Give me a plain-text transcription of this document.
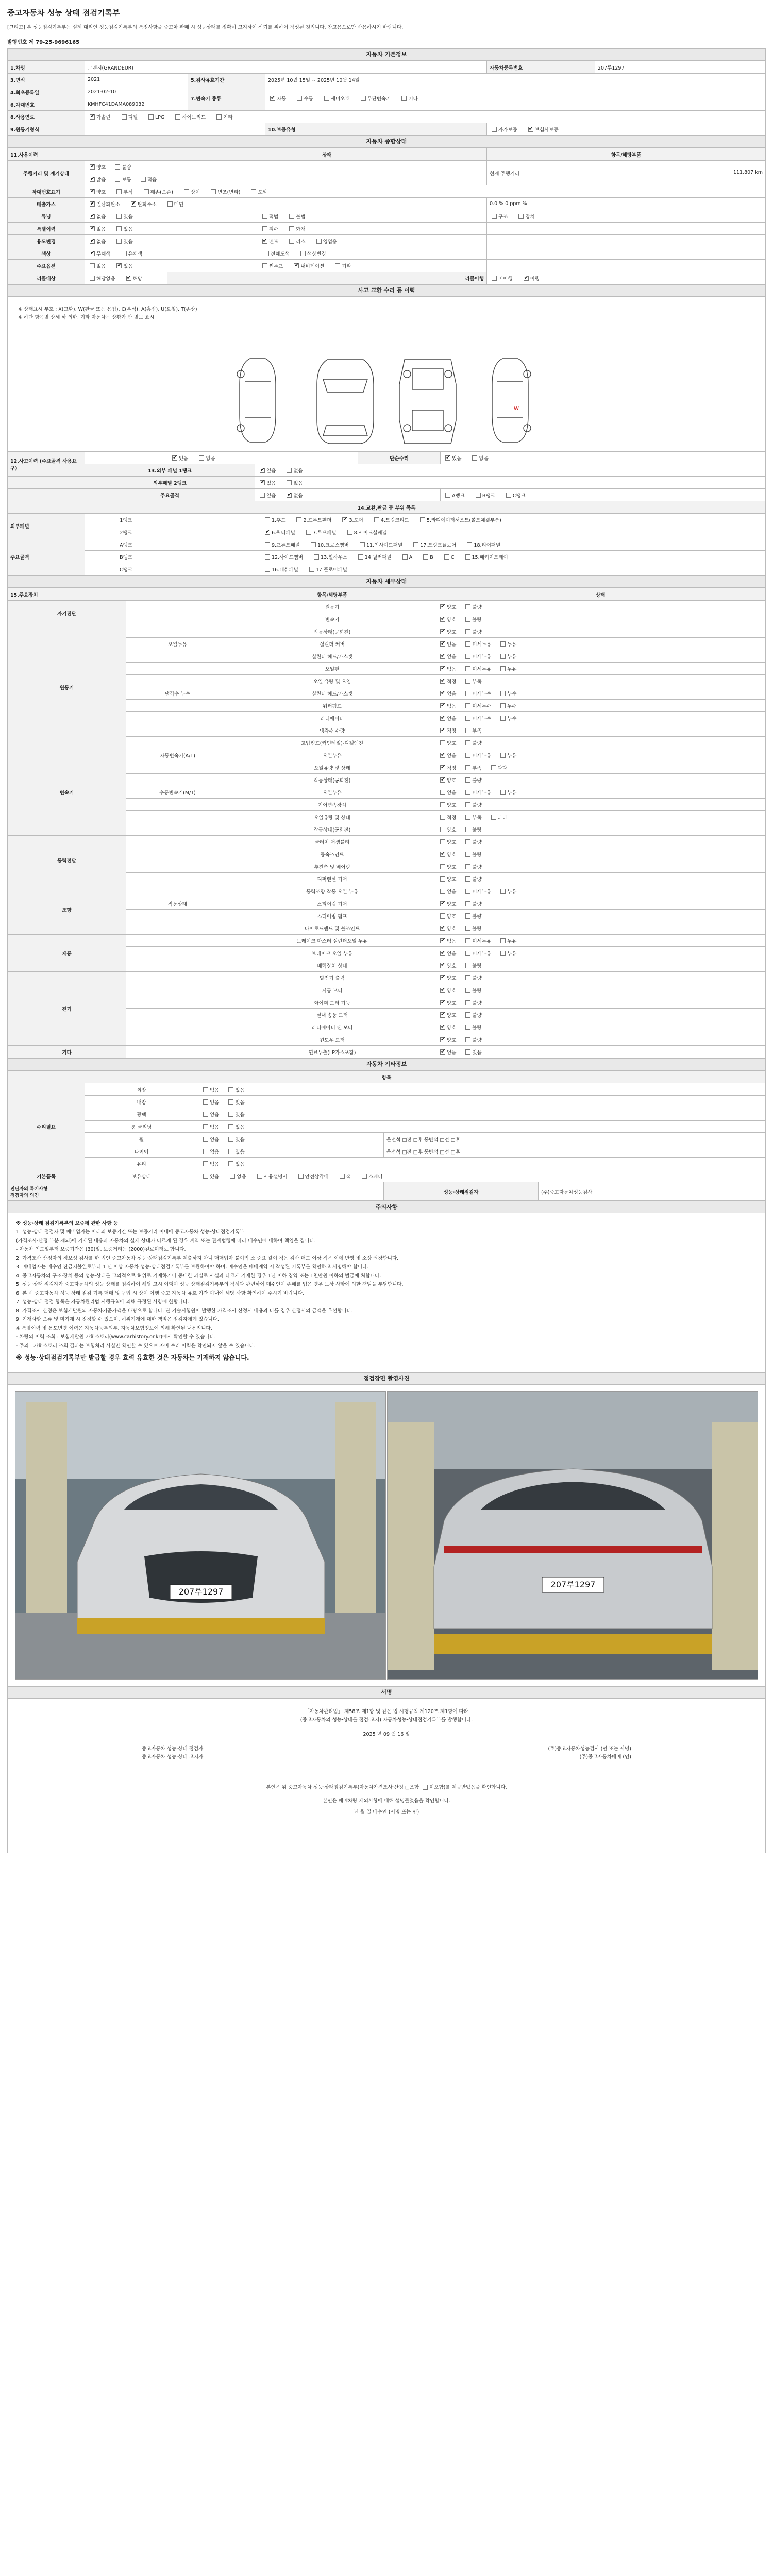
중고자동차 성능 상태 점검기록부
[그리고] 본 성능점검기록부는 실제 대리인 성능점검기록부의 특정사항을 중고차 판매 시 성능상태를 정확히 고지하여 신뢰를 위하여 작성된 것입니다. 참고용으로만 사용하시기 바랍니다.
발행번호 제 79-25-9696165
자동차 기본정보
1.차명	그랜저(GRANDEUR)			자동차등록번호	207루1297
3.연식	2021	5.검사유효기간	2025년 10월 15일 ~ 2025년 10월 14일		
4.최초등록일	2021-02-10	7.변속기 종류	✔자동 수동 세미오토 무단변속기 기타
6.차대번호	KMHFC41DAMA089032				
8.사용연료	✔가솔린 디젤 LPG 하이브리드 기타
9.원동기형식			10.보증유형	자가보증 ✔ 보험사보증
자동차 종합상태
11.사용이력		상태	항목/해당부품
주행거리 및 계기상태	✔양호 불량		현재 주행거리 111,807 km

✔많음 보통 적음
차대번호표기	✔양호 부식 훼손(오손) 상이 변조(변타) 도말
배출가스	✔일산화탄소 ✔ 탄화수소 매연		0.0 % 0 ppm %
튜닝	✔없음 있음 적법 불법		구조 장치
특별이력	✔없음 있음 침수 화재	
용도변경	✔없음 있음 ✔ 렌트 리스 영업용	
색상	✔무채색 유채색 전체도색 색상변경	
주요옵션	없음 ✔ 있음 썬루프 ✔ 내비게이션 기타	
리콜대상	해당없음 ✔ 해당	리콜이행	미이행 ✔ 이행
사고 교환 수리 등 이력
※ 상태표시 부호 : X(교환), W(판금 또는 용접), C(부식), A(흠집), U(요철), T(손상)
※ 하단 항목별 상세 하 의한, 기타 자동차는 상황가 반 별보 표시
W
12.사고이력 (주요골격 사용요구)	✔있음 없음			단순수리	✔있음 없음
	13.외부 패널 1랭크	✔있음 없음
	외부패널 2랭크	✔있음 없음
	주요골격		있음 ✔ 없음		A랭크 B랭크 C랭크
14.교환,판금 등 부위 목록					
외부패널	1랭크	1.후드 2.프론트휀더 ✔ 3.도어 4.트렁크리드 5.라디에이터서포트(볼트체결부품)
	2랭크	✔6.쿼터패널 7.루프패널 8.사이드실패널
주요골격	A랭크	9.프론트패널 10.크로스멤버 11.인사이드패널 17.트렁크플로어 18.리어패널			
	B랭크	12.사이드멤버 13.휠하우스 14.필러패널 A B C 15.패키지트레이			
	C랭크	16.대쉬패널 17.플로어패널			
자동차 세부상태
15.주요장치		항목/해당부품	상태	
자기진단		원동기	✔양호 불량	
		변속기	✔양호 불량	
원동기		작동상태(공회전)	✔양호 불량	
	오일누유	실린더 커버	✔없음 미세누유 누유	
		실린더 헤드/가스켓	✔없음 미세누유 누유	
		오일팬	✔없음 미세누유 누유	
		오일 유량 및 오염	✔적정 부족	
	냉각수 누수	실린더 헤드/가스켓	✔없음 미세누수 누수	
		워터펌프	✔없음 미세누수 누수	
		라디에이터	✔없음 미세누수 누수	
		냉각수 수량	✔적정 부족	
		고압펌프(커먼레일)-디젤엔진	양호 불량	
변속기	자동변속기(A/T)	오일누유	✔없음 미세누유 누유	
		오일유량 및 상태	✔적정 부족 과다	
		작동상태(공회전)	✔양호 불량	
	수동변속기(M/T)	오일누유	없음 미세누유 누유	
		기어변속장치	양호 불량	
		오일유량 및 상태	적정 부족 과다	
		작동상태(공회전)	양호 불량	
동력전달		클러치 어셈블리	양호 불량	
		등속조인트	✔양호 불량	
		추진축 및 베어링	양호 불량	
		디퍼렌셜 기어	양호 불량	
조향		동력조향 작동 오일 누유	없음 미세누유 누유	
	작동상태	스티어링 기어	✔양호 불량	
		스티어링 펌프	양호 불량	
		타이로드엔드 및 볼조인트	✔양호 불량	
제동		브레이크 마스터 실린더오일 누유	✔없음 미세누유 누유	
		브레이크 오일 누유	✔없음 미세누유 누유	
		배력장치 상태	✔양호 불량	
전기		발전기 출력	✔양호 불량	
		시동 모터	✔양호 불량	
		와이퍼 모터 기능	✔양호 불량	
		실내 송풍 모터	✔양호 불량	
		라디에이터 팬 모터	✔양호 불량	
		윈도우 모터	✔양호 불량	
기타		연료누출(LP가스포함)	✔없음 있음	
자동차 기타정보
항목				
수리필요	외장	없음 있음		
	내장	없음 있음		
	광택	없음 있음		
	룸 클리닝	없음 있음		
	휠	없음 있음	운전석 □전 □후 동반석 □전 □후	
	타이어	없음 있음	운전석 □전 □후 동반석 □전 □후	
	유리	없음 있음		
기본품목	보유상태	있음 없음 사용설명서 안전삼각대 잭 스패너		

진단자의 특기사항
점검자의 의견			성능·상태점검자	(주)중고자동차성능검사
주의사항

※ 성능·상태 점검기록부의 보증에 관한 사항 등

1. 성능·상태 점검자 및 매매업자는 아래의 보증기간 또는 보증거리 이내에 중고자동차 성능·상태점검기록부

(가격조사·산정 부분 제외)에 기재된 내용과 자동차의 실제 상태가 다르게 된 경우 계약 또는 관계법령에 따라 매수인에 대하여 책임을 집니다.

- 자동차 인도일부터 보증기간은 (30)일, 보증거리는 (2000)킬로미터로 합니다.

2. 가격조사 산정자의 정보성 검사를 한 법인 중고자동차 성능·상태점검기록부 제출하지 아니 매매업자 불이익 소 중요 같이 적은 검사 매도 이상 적은 이에 반영 및 소상 권장합니다.

3. 매매업자는 매수인 잔금지불일로부터 1 년 이상 자동차 성능·상태점검기록부를 보관하여야 하며, 매수인은 매매계약 시 작성된 기록부를 확인하고 서명해야 합니다.

4. 중고자동차의 구조·장치 등의 성능·상태를 고의적으로 허위로 기재하거나 중대한 과실로 사실과 다르게 기재한 경우 1년 이하 징역 또는 1천만원 이하의 벌금에 처합니다.

5. 성능·상태 점검자가 중고자동차의 성능·상태를 점검하여 해당 고시 이행이 성능·상태점검기록부의 작성과 관련하여 매수인이 손해를 입은 경우 보상 사항에 의한 책임을 부담합니다.

6. 본 시 중고자동차 성능 상태 점검 기록 매매 및 구입 시 상이 이행 중고 자동차 유효 기간 이내에 해당 사항 확인하여 주시기 바랍니다.

7. 성능·상태 점검 항목은 자동차관리법 시행규칙에 의해 규정된 사항에 한합니다.

8. 가격조사 산정은 보험개발원의 자동차기준가액을 바탕으로 합니다. 단 기술시험원이 발행한 가격조사 산정서 내용과 다를 경우 산정서의 금액을 우선합니다.

9. 기재사항 오류 및 미기재 시 정정할 수 있으며, 허위기재에 대한 책임은 점검자에게 있습니다.

※ 특별이력 및 용도변경 이력은 자동차등록원부, 자동차보험정보에 의해 확인된 내용입니다.

- 차량의 이력 조회 : 보험개발원 카히스토리(www.carhistory.or.kr)에서 확인할 수 있습니다.

- 주의 : 카히스토리 조회 결과는 보험처리 사실만 확인할 수 있으며 자비 수리 이력은 확인되지 않을 수 있습니다.

※ 성능·상태점검기록부만 발급할 경우 효력 유효한 것은 자동차는 기재하지 않습니다.

점검장면 촬영사진
207루1297
207루1297
서명
「자동차관리법」 제58조 제1항 및 같은 법 시행규칙 제120조 제1항에 따라
(중고자동차의 성능·상태를 점검·고지) 자동차성능·상태점검기록부를 발행합니다.
2025 년 09 월 16 일
중고자동차 성능·상태 점검자	(주)중고자동차성능검사 (인 또는 서명)
중고자동차 성능·상태 고지자	(주)중고자동차매매 (인)
본인은 위 중고자동차 성능·상태점검기록부(자동차가격조사·산정 □포함 미포함)를 제공받았음을 확인합니다.
본인은 매매차량 제외사항에 대해 설명들었음을 확인합니다.
년 월 일 매수인 (서명 또는 인)
